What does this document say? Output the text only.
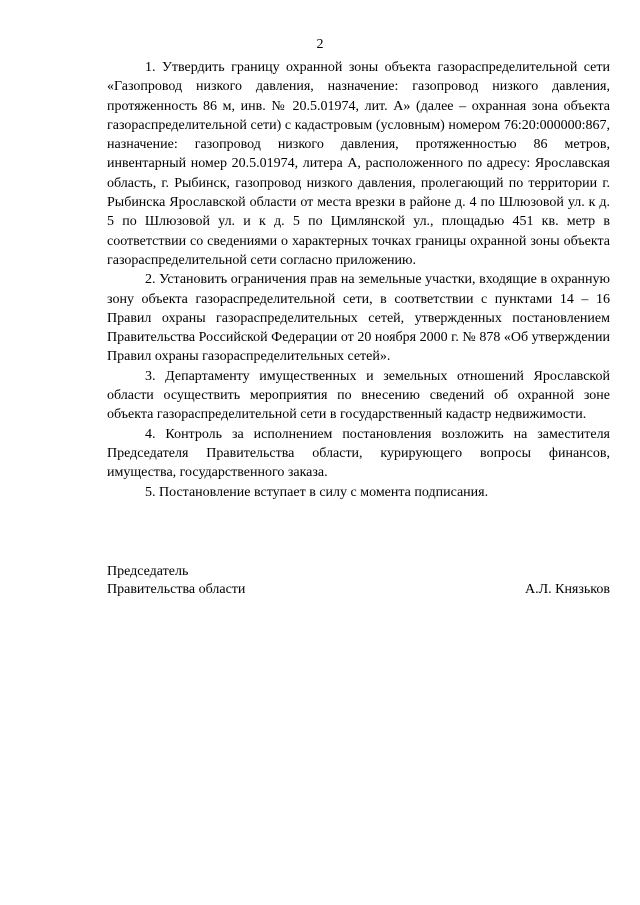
2

1. Утвердить границу охранной зоны объекта газораспределительной сети «Газопровод низкого давления, назначение: газопровод низкого давления, протяженность 86 м, инв. № 20.5.01974, лит. А» (далее – охранная зона объекта газораспределительной сети) с кадастровым (условным) номером 76:20:000000:867, назначение: газопровод низкого давления, протяженностью 86 метров, инвентарный номер 20.5.01974, литера А, расположенного по адресу: Ярославская область, г. Рыбинск, газопровод низкого давления, пролегающий по территории г. Рыбинска Ярославской области от места врезки в районе д. 4 по Шлюзовой ул. к д. 5 по Шлюзовой ул. и к д. 5 по Цимлянской ул., площадью 451 кв. метр в соответствии со сведениями о характерных точках границы охранной зоны объекта газораспределительной сети согласно приложению.

2. Установить ограничения прав на земельные участки, входящие в охранную зону объекта газораспределительной сети, в соответствии с пунктами 14 – 16 Правил охраны газораспределительных сетей, утвержденных постановлением Правительства Российской Федерации от 20 ноября 2000 г. № 878 «Об утверждении Правил охраны газораспределительных сетей».

3. Департаменту имущественных и земельных отношений Ярославской области осуществить мероприятия по внесению сведений об охранной зоне объекта газораспределительной сети в государственный кадастр недвижимости.

4. Контроль за исполнением постановления возложить на заместителя Председателя Правительства области, курирующего вопросы финансов, имущества, государственного заказа.

5. Постановление вступает в силу с момента подписания.

Председатель
Правительства области	А.Л. Князьков
